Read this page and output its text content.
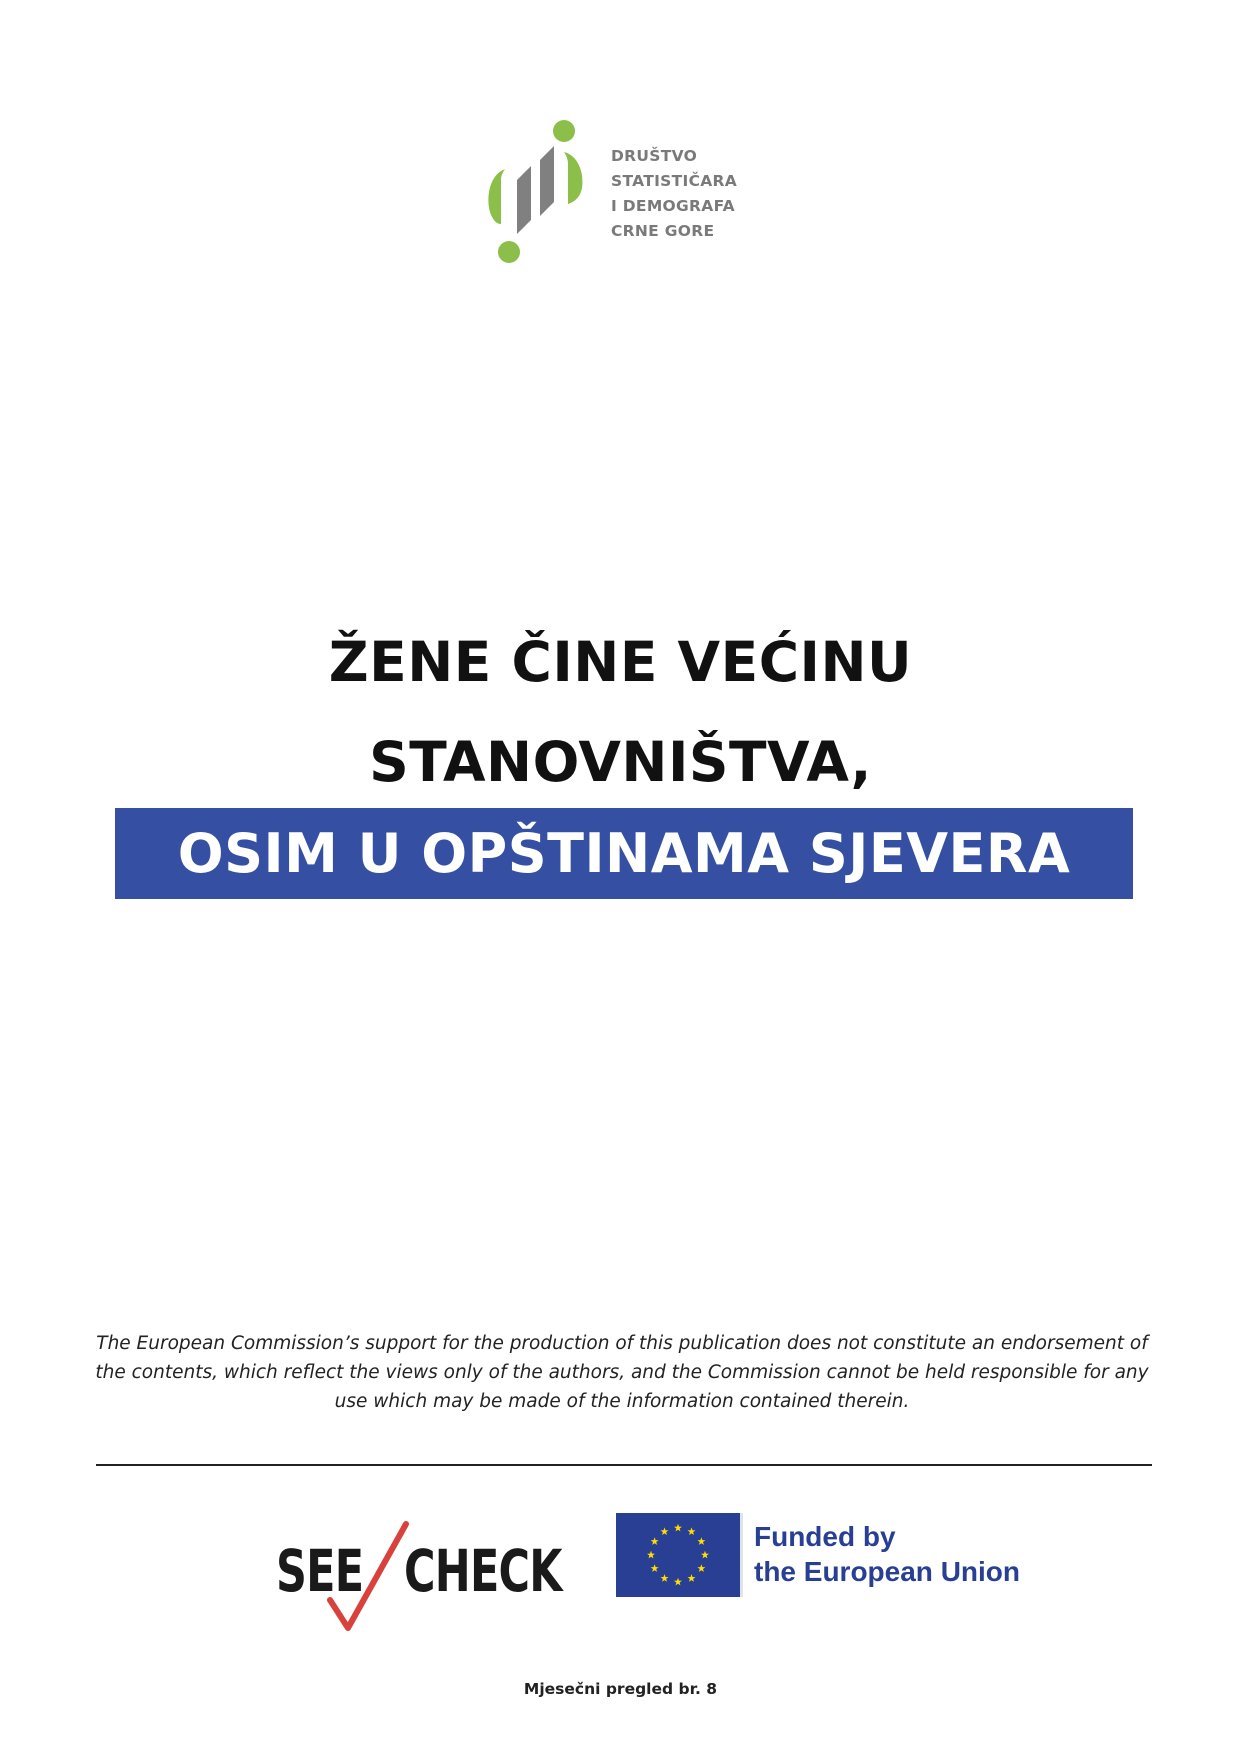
DRUŠTVO
STATISTIČARA
I DEMOGRAFA
CRNE GORE
ŽENE ČINE VEĆINU
STANOVNIŠTVA,
OSIM U OPŠTINAMA SJEVERA

The European Commission’s support for the production of this publication does not constitute an endorsement of the contents, which reflect the views only of the authors, and the Commission cannot be held responsible for any use which may be made of the information contained therein.

SEE CHECK
Funded by
the European Union
Mjesečni pregled br. 8
